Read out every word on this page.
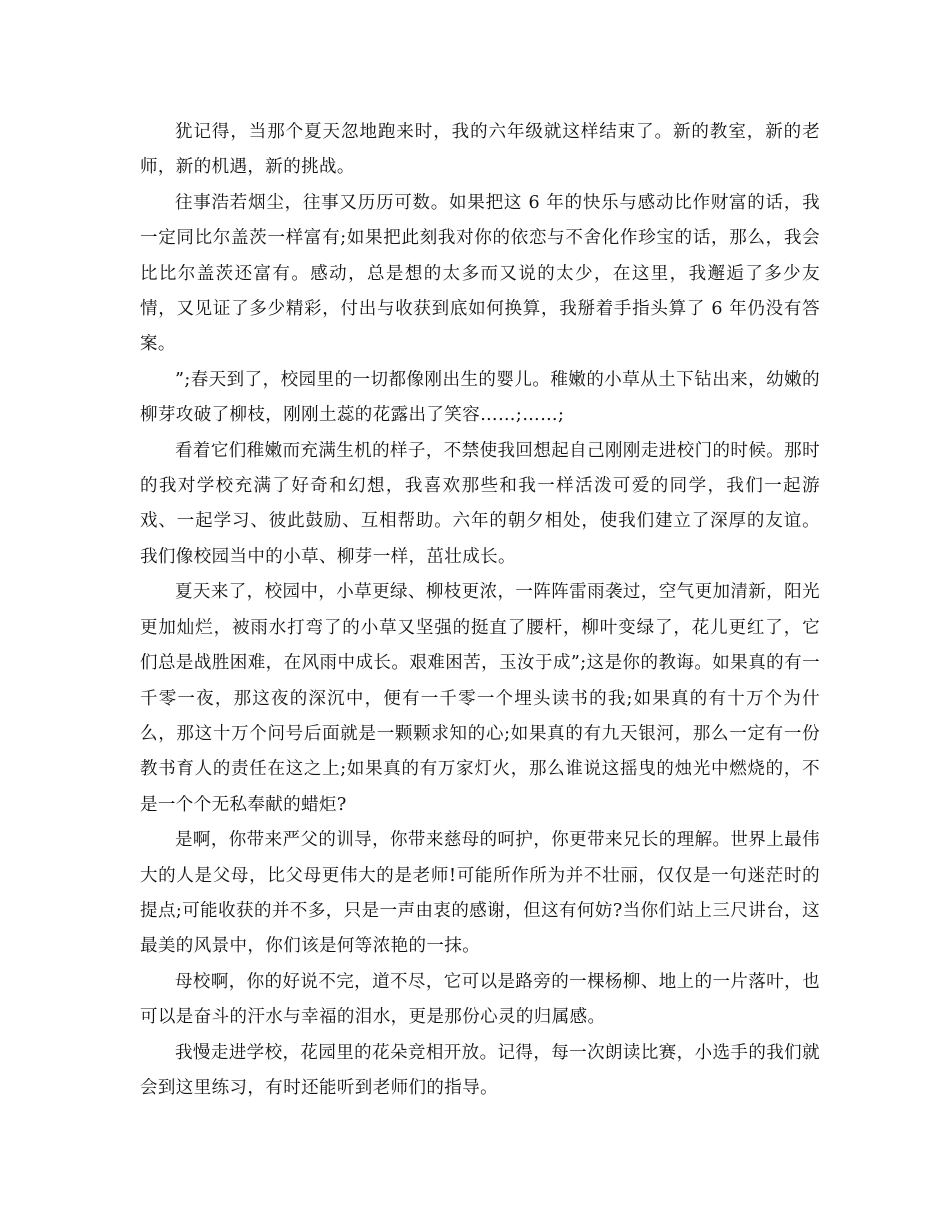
犹记得，当那个夏天忽地跑来时，我的六年级就这样结束了。新的教室，新的老师，新的机遇，新的挑战。

往事浩若烟尘，往事又历历可数。如果把这 6 年的快乐与感动比作财富的话，我一定同比尔盖茨一样富有;如果把此刻我对你的依恋与不舍化作珍宝的话，那么，我会比比尔盖茨还富有。感动，总是想的太多而又说的太少，在这里，我邂逅了多少友情，又见证了多少精彩，付出与收获到底如何换算，我掰着手指头算了 6 年仍没有答案。

”;春天到了，校园里的一切都像刚出生的婴儿。稚嫩的小草从土下钻出来，幼嫩的柳芽攻破了柳枝，刚刚土蕊的花露出了笑容……;……;

看着它们稚嫩而充满生机的样子，不禁使我回想起自己刚刚走进校门的时候。那时的我对学校充满了好奇和幻想，我喜欢那些和我一样活泼可爱的同学，我们一起游戏、一起学习、彼此鼓励、互相帮助。六年的朝夕相处，使我们建立了深厚的友谊。我们像校园当中的小草、柳芽一样，茁壮成长。

夏天来了，校园中，小草更绿、柳枝更浓，一阵阵雷雨袭过，空气更加清新，阳光更加灿烂，被雨水打弯了的小草又坚强的挺直了腰杆，柳叶变绿了，花儿更红了，它们总是战胜困难，在风雨中成长。艰难困苦，玉汝于成”;这是你的教诲。如果真的有一千零一夜，那这夜的深沉中，便有一千零一个埋头读书的我;如果真的有十万个为什么，那这十万个问号后面就是一颗颗求知的心;如果真的有九天银河，那么一定有一份教书育人的责任在这之上;如果真的有万家灯火，那么谁说这摇曳的烛光中燃烧的，不是一个个无私奉献的蜡炬?

是啊，你带来严父的训导，你带来慈母的呵护，你更带来兄长的理解。世界上最伟大的人是父母，比父母更伟大的是老师!可能所作所为并不壮丽，仅仅是一句迷茫时的提点;可能收获的并不多，只是一声由衷的感谢，但这有何妨?当你们站上三尺讲台，这最美的风景中，你们该是何等浓艳的一抹。

母校啊，你的好说不完，道不尽，它可以是路旁的一棵杨柳、地上的一片落叶，也可以是奋斗的汗水与幸福的泪水，更是那份心灵的归属感。

我慢走进学校，花园里的花朵竞相开放。记得，每一次朗读比赛，小选手的我们就会到这里练习，有时还能听到老师们的指导。
